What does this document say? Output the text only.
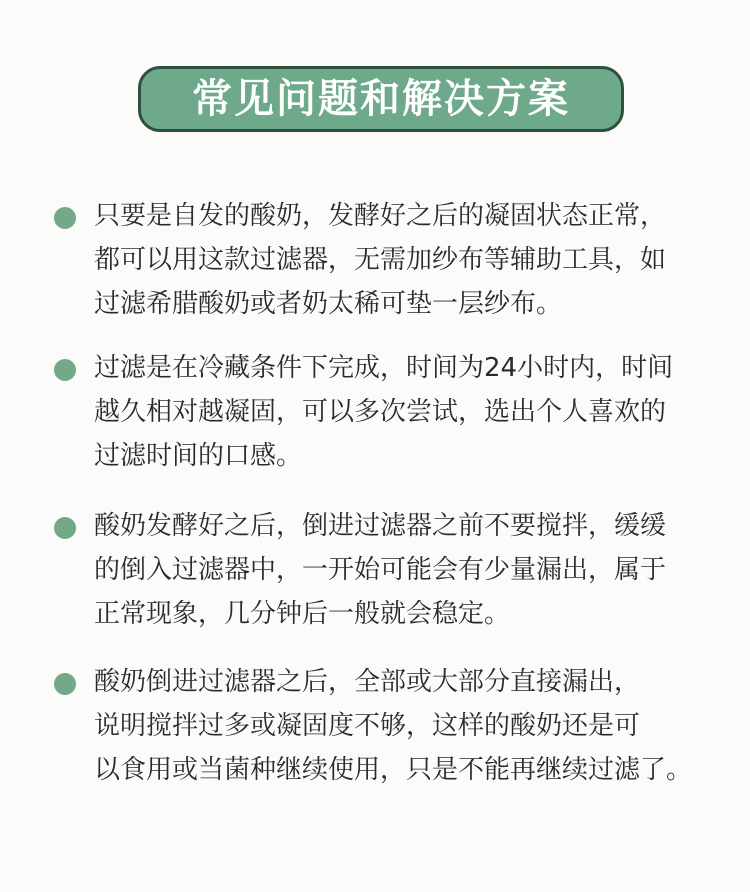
常见问题和解决方案
只要是自发的酸奶，发酵好之后的凝固状态正常，
都可以用这款过滤器，无需加纱布等辅助工具，如
过滤希腊酸奶或者奶太稀可垫一层纱布。
过滤是在冷藏条件下完成，时间为24小时内，时间
越久相对越凝固，可以多次尝试，选出个人喜欢的
过滤时间的口感。
酸奶发酵好之后，倒进过滤器之前不要搅拌，缓缓
的倒入过滤器中，一开始可能会有少量漏出，属于
正常现象，几分钟后一般就会稳定。
酸奶倒进过滤器之后，全部或大部分直接漏出，
说明搅拌过多或凝固度不够，这样的酸奶还是可
以食用或当菌种继续使用，只是不能再继续过滤了。
